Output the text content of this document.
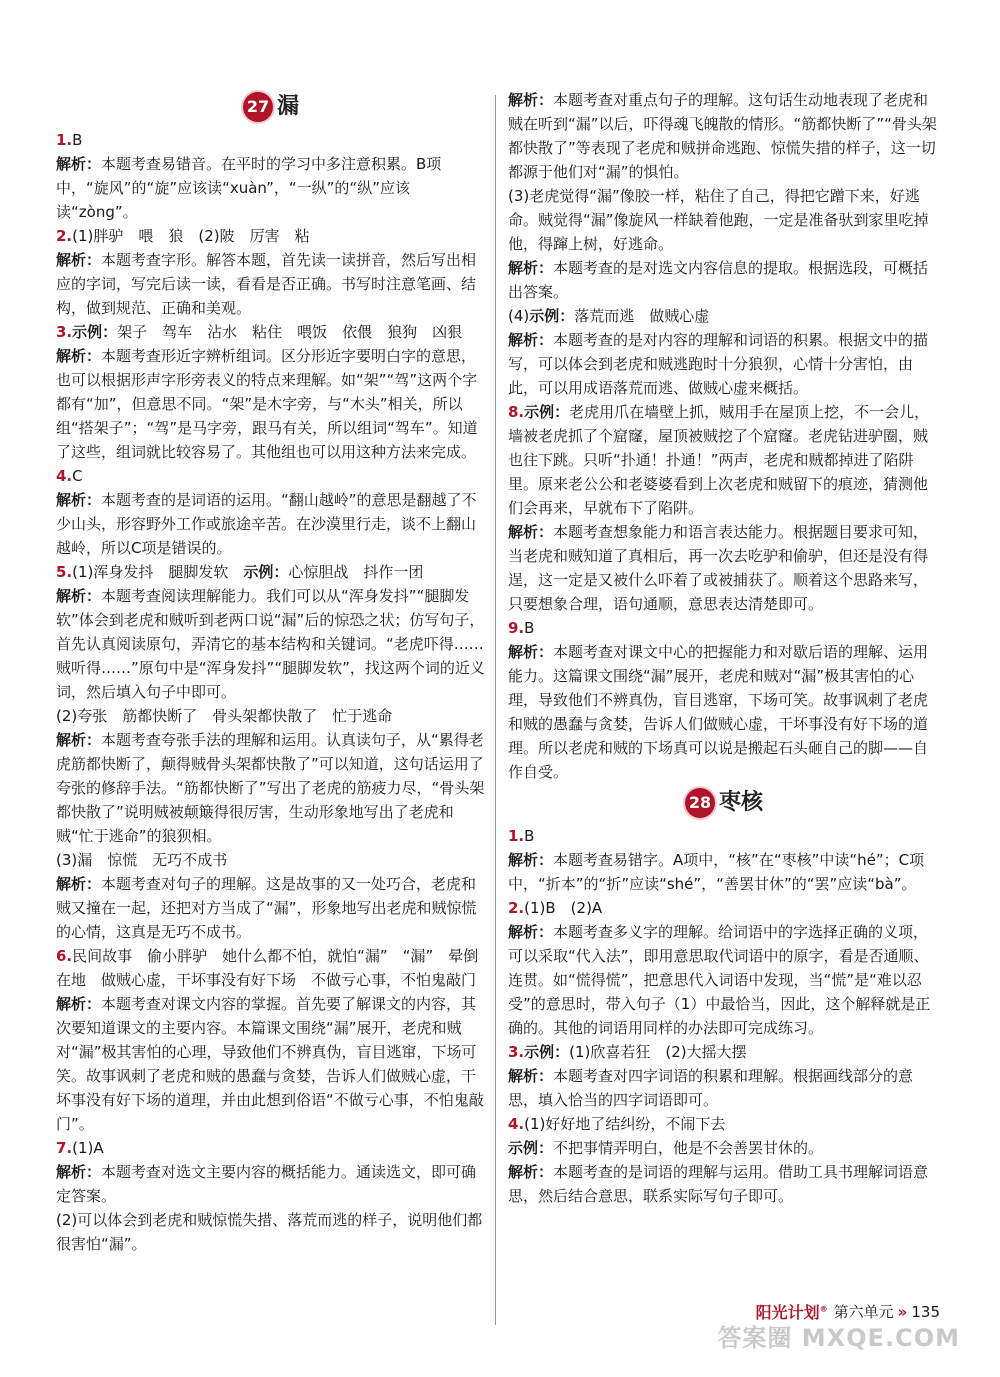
27 漏

1.B

解析：本题考查易错音。在平时的学习中多注意积累。B项中，“旋风”的“旋”应该读“xuàn”，“一纵”的“纵”应该读“zòng”。

2.(1)胖驴　喂　狼　(2)陂　厉害　粘

解析：本题考查字形。解答本题，首先读一读拼音，然后写出相应的字词，写完后读一读，看看是否正确。书写时注意笔画、结构，做到规范、正确和美观。

3.示例：架子　驾车　沾水　粘住　喂饭　依偎　狼狗　凶狠

解析：本题考查形近字辨析组词。区分形近字要明白字的意思，也可以根据形声字形旁表义的特点来理解。如“架”“驾”这两个字都有“加”，但意思不同。“架”是木字旁，与“木头”相关，所以组“搭架子”；“驾”是马字旁，跟马有关，所以组词“驾车”。知道了这些，组词就比较容易了。其他组也可以用这种方法来完成。

4.C

解析：本题考查的是词语的运用。“翻山越岭”的意思是翻越了不少山头，形容野外工作或旅途辛苦。在沙漠里行走，谈不上翻山越岭，所以C项是错误的。

5.(1)浑身发抖　腿脚发软　示例：心惊胆战　抖作一团

解析：本题考查阅读理解能力。我们可以从“浑身发抖”“腿脚发软”体会到老虎和贼听到老两口说“漏”后的惊恐之状；仿写句子，首先认真阅读原句，弄清它的基本结构和关键词。“老虎吓得……贼听得……”原句中是“浑身发抖”“腿脚发软”，找这两个词的近义词，然后填入句子中即可。

(2)夸张　筋都快断了　骨头架都快散了　忙于逃命

解析：本题考查夸张手法的理解和运用。认真读句子，从“累得老虎筋都快断了，颠得贼骨头架都快散了”可以知道，这句话运用了夸张的修辞手法。“筋都快断了”写出了老虎的筋疲力尽，“骨头架都快散了”说明贼被颠簸得很厉害，生动形象地写出了老虎和贼“忙于逃命”的狼狈相。

(3)漏　惊慌　无巧不成书

解析：本题考查对句子的理解。这是故事的又一处巧合，老虎和贼又撞在一起，还把对方当成了“漏”，形象地写出老虎和贼惊慌的心情，这真是无巧不成书。

6.民间故事　偷小胖驴　她什么都不怕，就怕“漏”　“漏”　晕倒在地　做贼心虚，干坏事没有好下场　不做亏心事，不怕鬼敲门

解析：本题考查对课文内容的掌握。首先要了解课文的内容，其次要知道课文的主要内容。本篇课文围绕“漏”展开，老虎和贼对“漏”极其害怕的心理，导致他们不辨真伪，盲目逃窜，下场可笑。故事讽刺了老虎和贼的愚蠢与贪婪，告诉人们做贼心虚，干坏事没有好下场的道理，并由此想到俗语“不做亏心事，不怕鬼敲门”。

7.(1)A

解析：本题考查对选文主要内容的概括能力。通读选文，即可确定答案。

(2)可以体会到老虎和贼惊慌失措、落荒而逃的样子，说明他们都很害怕“漏”。

解析：本题考查对重点句子的理解。这句话生动地表现了老虎和贼在听到“漏”以后，吓得魂飞魄散的情形。“筋都快断了”“骨头架都快散了”等表现了老虎和贼拼命逃跑、惊慌失措的样子，这一切都源于他们对“漏”的惧怕。

(3)老虎觉得“漏”像胶一样，粘住了自己，得把它蹭下来，好逃命。贼觉得“漏”像旋风一样缺着他跑，一定是准备驮到家里吃掉他，得蹿上树，好逃命。

解析：本题考查的是对选文内容信息的提取。根据选段，可概括出答案。

(4)示例：落荒而逃　做贼心虚

解析：本题考查的是对内容的理解和词语的积累。根据文中的描写，可以体会到老虎和贼逃跑时十分狼狈，心情十分害怕，由此，可以用成语落荒而逃、做贼心虚来概括。

8.示例：老虎用爪在墙壁上抓，贼用手在屋顶上挖，不一会儿，墙被老虎抓了个窟窿，屋顶被贼挖了个窟窿。老虎钻进驴圈，贼也往下跳。只听“扑通！扑通！”两声，老虎和贼都掉进了陷阱里。原来老公公和老婆婆看到上次老虎和贼留下的痕迹，猜测他们会再来，早就布下了陷阱。

解析：本题考查想象能力和语言表达能力。根据题目要求可知，当老虎和贼知道了真相后，再一次去吃驴和偷驴，但还是没有得逞，这一定是又被什么吓着了或被捕获了。顺着这个思路来写，只要想象合理，语句通顺，意思表达清楚即可。

9.B

解析：本题考查对课文中心的把握能力和对歇后语的理解、运用能力。这篇课文围绕“漏”展开，老虎和贼对“漏”极其害怕的心理，导致他们不辨真伪，盲目逃窜，下场可笑。故事讽刺了老虎和贼的愚蠢与贪婪，告诉人们做贼心虚，干坏事没有好下场的道理。所以老虎和贼的下场真可以说是搬起石头砸自己的脚——自作自受。

28 枣核

1.B

解析：本题考查易错字。A项中，“核”在“枣核”中读“hé”；C项中，“折本”的“折”应读“shé”，“善罢甘休”的“罢”应读“bà”。

2.(1)B　(2)A

解析：本题考查多义字的理解。给词语中的字选择正确的义项，可以采取“代入法”，即用意思取代词语中的原字，看是否通顺、连贯。如“慌得慌”，把意思代入词语中发现，当“慌”是“难以忍受”的意思时，带入句子（1）中最恰当，因此，这个解释就是正确的。其他的词语用同样的办法即可完成练习。

3.示例：(1)欣喜若狂　(2)大摇大摆

解析：本题考查对四字词语的积累和理解。根据画线部分的意思，填入恰当的四字词语即可。

4.(1)好好地了结纠纷，不闹下去

示例：不把事情弄明白，他是不会善罢甘休的。

解析：本题考查的是词语的理解与运用。借助工具书理解词语意思，然后结合意思，联系实际写句子即可。

阳光计划® 第六单元 » 135
答案圈 MXQE.COM
